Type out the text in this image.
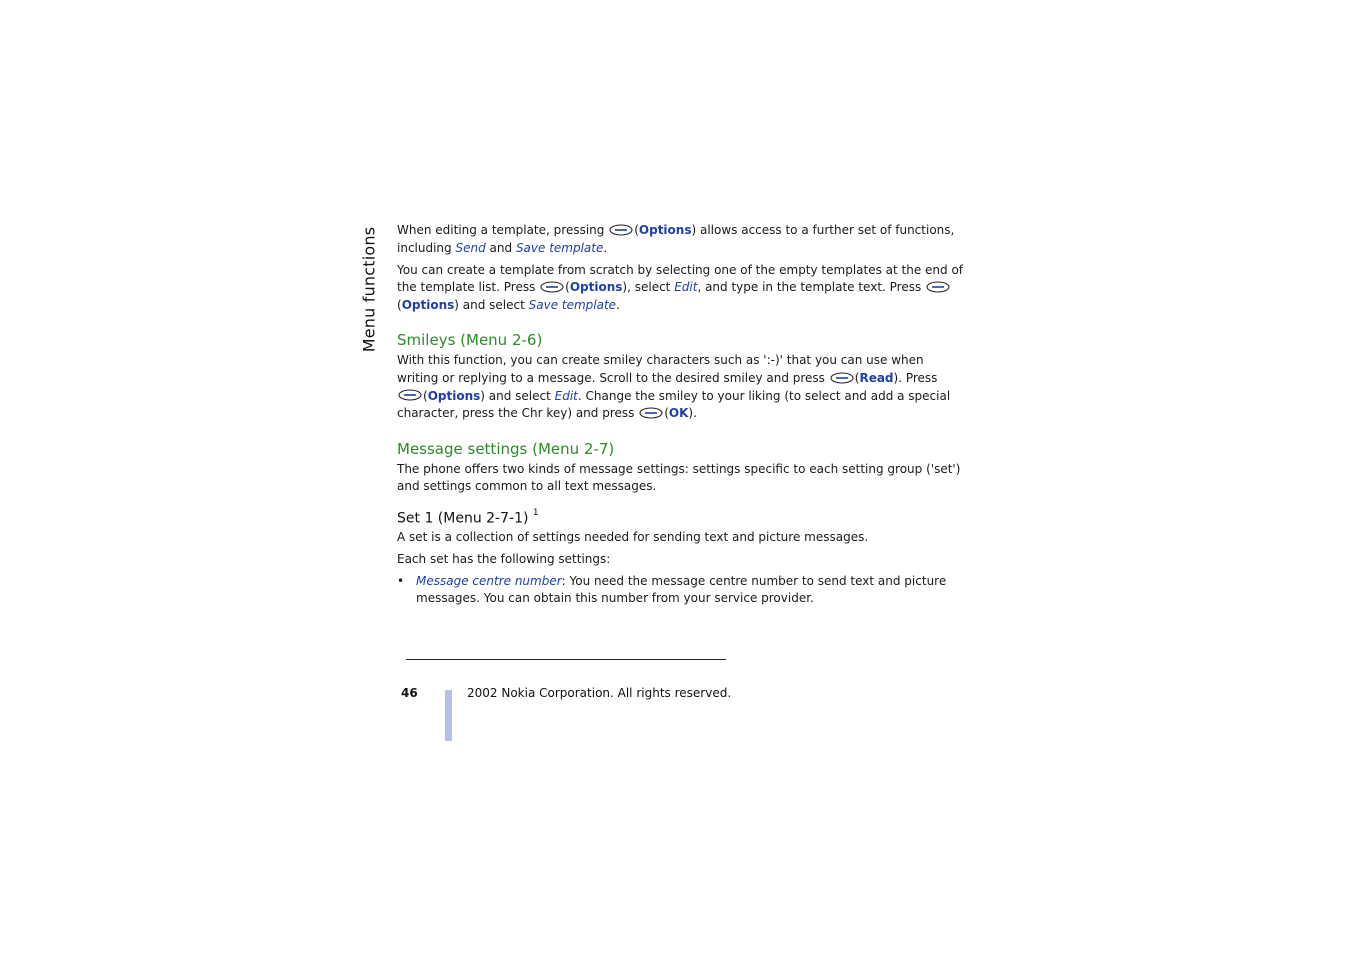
Menu functions When editing a template, pressing (Options) allows access to a further set of functions, including Send and Save template.

You can create a template from scratch by selecting one of the empty templates at the end of the template list. Press (Options), select Edit, and type in the template text. Press
(Options) and select Save template.

Smileys (Menu 2-6)

With this function, you can create smiley characters such as ':-)' that you can use when writing or replying to a message. Scroll to the desired smiley and press (Read). Press
(Options) and select Edit. Change the smiley to your liking (to select and add a special character, press the Chr key) and press (OK).

Message settings (Menu 2-7)

The phone offers two kinds of message settings: settings specific to each setting group ('set') and settings common to all text messages.

Set 1 (Menu 2-7-1) $^1$

A set is a collection of settings needed for sending text and picture messages.

Each set has the following settings:

• Message centre number: You need the message centre number to send text and picture messages. You can obtain this number from your service provider.
46	2002 Nokia Corporation. All rights reserved.
